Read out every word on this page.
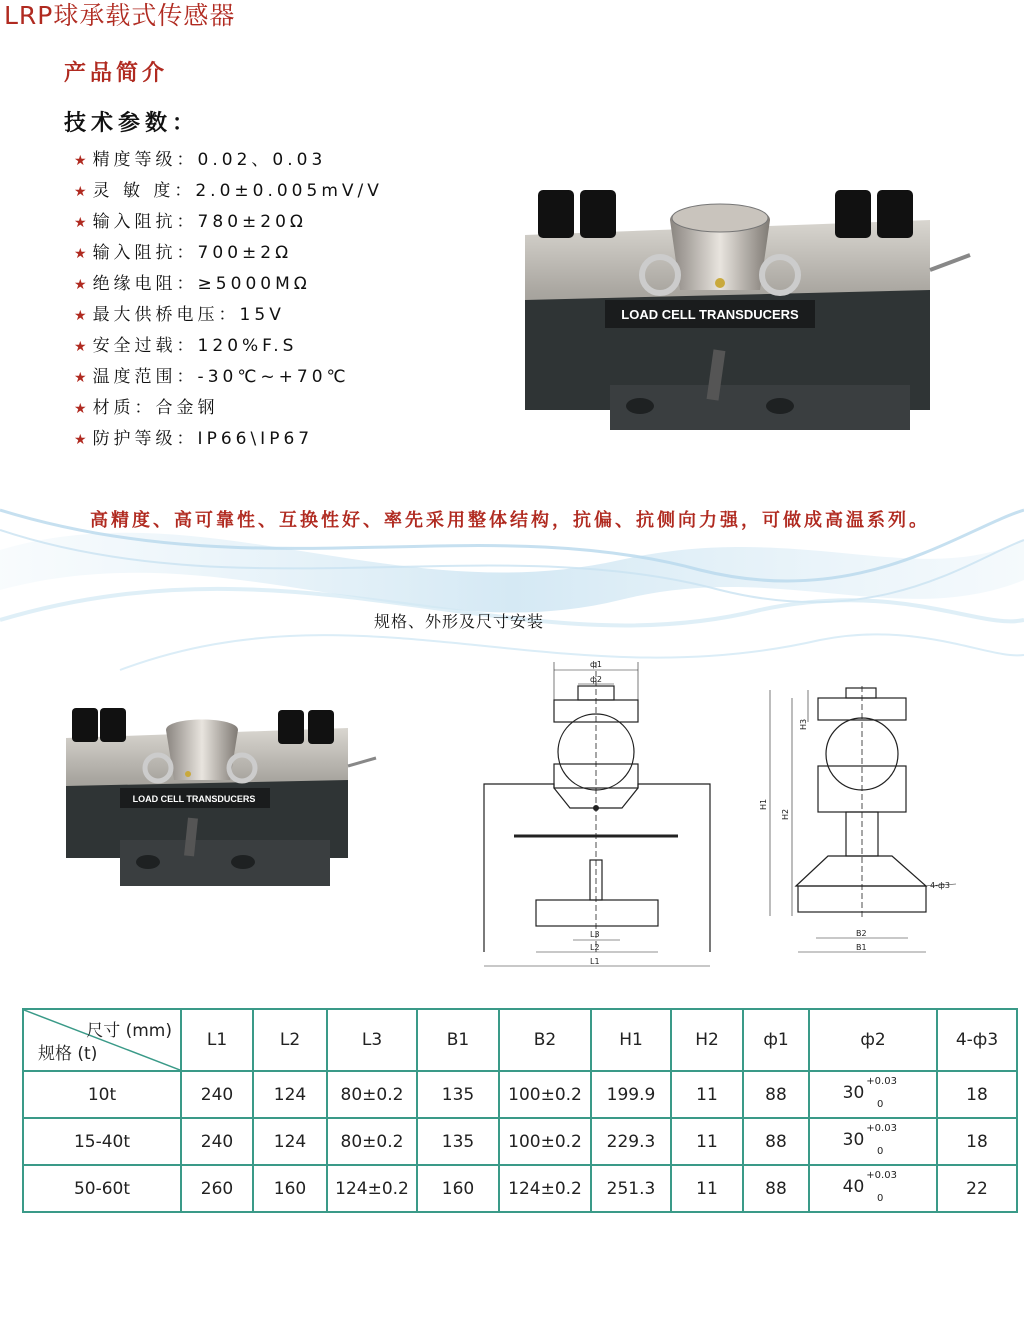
LRP球承载式传感器
产品简介
技术参数：
★ 精度等级：0.02、0.03
★ 灵 敏 度：2.0±0.005mV/V
★ 输入阻抗：780±20Ω
★ 输入阻抗：700±2Ω
★ 绝缘电阻：≥5000MΩ
★ 最大供桥电压：15V
★ 安全过载：120%F.S
★ 温度范围：-30℃~+70℃
★ 材质：合金钢
★ 防护等级：IP66\IP67
LOAD CELL TRANSDUCERS
高精度、高可靠性、互换性好、率先采用整体结构，抗偏、抗侧向力强，可做成高温系列。
规格、外形及尺寸安装
LOAD CELL TRANSDUCERS
ф1
ф2
L3
L2
L1
H1
H2
H3
B2
B1
4-ф3
尺寸 (mm)
规格 (t)	L1	L2	L3	B1	B2	H1	H2	ф1	ф2	4-ф3
10t	240	124	80±0.2	135	100±0.2	199.9	11	88	$30^{+0.03}_0$	18
15-40t	240	124	80±0.2	135	100±0.2	229.3	11	88	$30^{+0.03}_0$	18
50-60t	260	160	124±0.2	160	124±0.2	251.3	11	88	$40^{+0.03}_0$	22
